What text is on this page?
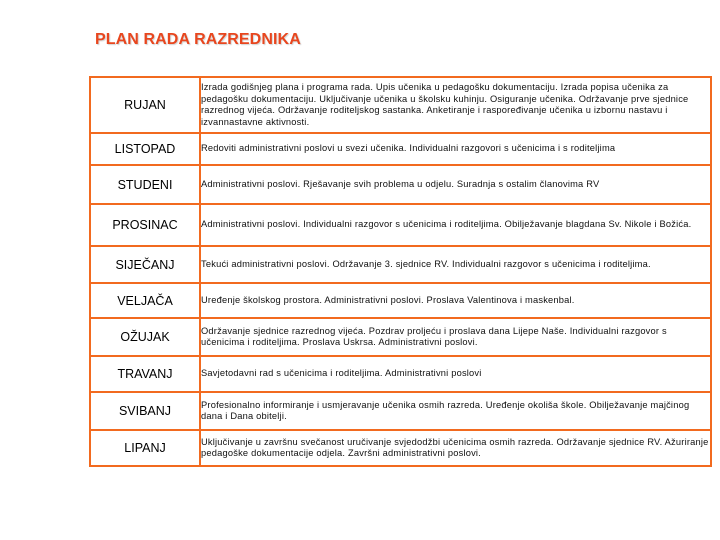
PLAN RADA RAZREDNIKA
RUJAN	Izrada godišnjeg plana i programa rada. Upis učenika u pedagošku dokumentaciju. Izrada popisa učenika za pedagošku dokumentaciju. Uključivanje učenika u školsku kuhinju. Osiguranje učenika. Održavanje prve sjednice razrednog vijeća. Održavanje roditeljskog sastanka. Anketiranje i raspoređivanje učenika u izbornu nastavu i izvannastavne aktivnosti.
LISTOPAD	Redoviti administrativni poslovi u svezi učenika. Individualni razgovori s učenicima i s roditeljima
STUDENI	Administrativni poslovi. Rješavanje svih problema u odjelu. Suradnja s ostalim članovima RV
PROSINAC	Administrativni poslovi. Individualni razgovor s učenicima i roditeljima. Obilježavanje blagdana Sv. Nikole i Božića.
SIJEČANJ	Tekući administrativni poslovi. Održavanje 3. sjednice RV. Individualni razgovor s učenicima i roditeljima.
VELJAČA	Uređenje školskog prostora. Administrativni poslovi. Proslava Valentinova i maskenbal.
OŽUJAK	Održavanje sjednice razrednog vijeća. Pozdrav proljeću i proslava dana Lijepe Naše. Individualni razgovor s učenicima i roditeljima. Proslava Uskrsa. Administrativni poslovi.
TRAVANJ	Savjetodavni rad s učenicima i roditeljima. Administrativni poslovi
SVIBANJ	Profesionalno informiranje i usmjeravanje učenika osmih razreda. Uređenje okoliša škole. Obilježavanje majčinog dana i Dana obitelji.
LIPANJ	Uključivanje u završnu svečanost uručivanje svjedodžbi učenicima osmih razreda. Održavanje sjednice RV. Ažuriranje pedagoške dokumentacije odjela. Završni administrativni poslovi.
